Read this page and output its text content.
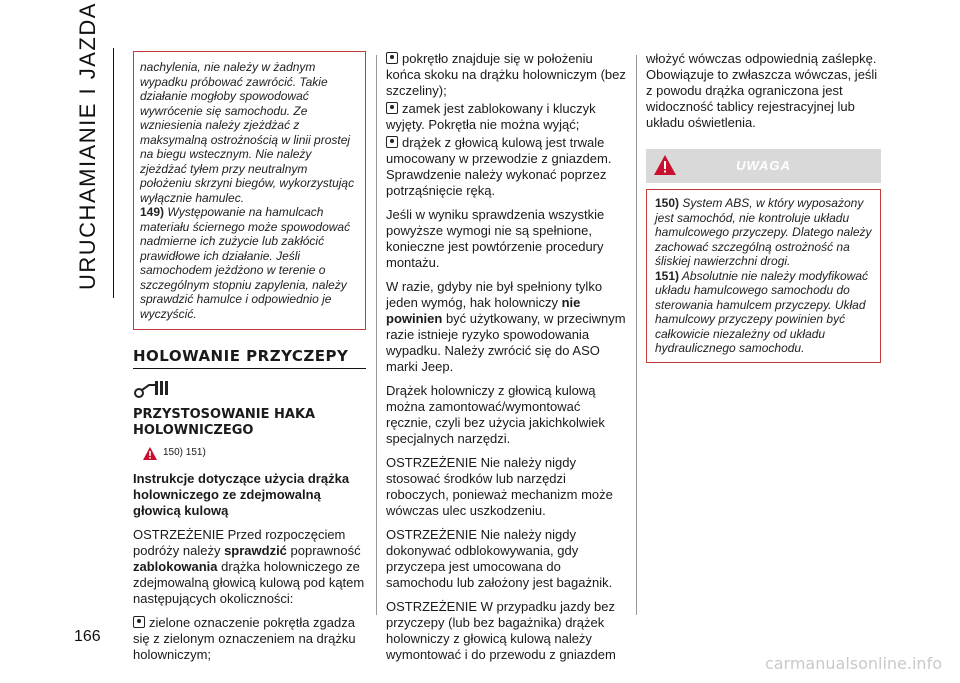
URUCHAMIANIE I JAZDA
166
nachylenia, nie należy w żadnym wypadku próbować zawrócić. Takie działanie mogłoby spowodować wywrócenie się samochodu. Ze wzniesienia należy zjeżdżać z maksymalną ostrożnością w linii prostej na biegu wstecznym. Nie należy zjeżdżać tyłem przy neutralnym położeniu skrzyni biegów, wykorzystując wyłącznie hamulec.
149) Występowanie na hamulcach materiału ściernego może spowodować nadmierne ich zużycie lub zakłócić prawidłowe ich działanie. Jeśli samochodem jeżdżono w terenie o szczególnym stopniu zapylenia, należy sprawdzić hamulce i odpowiednio je wyczyścić.
HOLOWANIE PRZYCZEPY
PRZYSTOSOWANIE HAKA HOLOWNICZEGO
150) 151)
Instrukcje dotyczące użycia drążka holowniczego ze zdejmowalną głowicą kulową

OSTRZEŻENIE Przed rozpoczęciem podróży należy sprawdzić poprawność zablokowania drążka holowniczego ze zdejmowalną głowicą kulową pod kątem następujących okoliczności:

zielone oznaczenie pokrętła zgadza się z zielonym oznaczeniem na drążku holowniczym;

pokrętło znajduje się w położeniu końca skoku na drążku holowniczym (bez szczeliny);

zamek jest zablokowany i kluczyk wyjęty. Pokrętła nie można wyjąć;

drążek z głowicą kulową jest trwale umocowany w przewodzie z gniazdem. Sprawdzenie należy wykonać poprzez potrząśnięcie ręką.

Jeśli w wyniku sprawdzenia wszystkie powyższe wymogi nie są spełnione, konieczne jest powtórzenie procedury montażu.

W razie, gdyby nie był spełniony tylko jeden wymóg, hak holowniczy nie powinien być użytkowany, w przeciwnym razie istnieje ryzyko spowodowania wypadku. Należy zwrócić się do ASO marki Jeep.

Drążek holowniczy z głowicą kulową można zamontować/wymontować ręcznie, czyli bez użycia jakichkolwiek specjalnych narzędzi.

OSTRZEŻENIE Nie należy nigdy stosować środków lub narzędzi roboczych, ponieważ mechanizm może wówczas ulec uszkodzeniu.

OSTRZEŻENIE Nie należy nigdy dokonywać odblokowywania, gdy przyczepa jest umocowana do samochodu lub założony jest bagażnik.

OSTRZEŻENIE W przypadku jazdy bez przyczepy (lub bez bagażnika) drążek holowniczy z głowicą kulową należy wymontować i do przewodu z gniazdem

włożyć wówczas odpowiednią zaślepkę. Obowiązuje to zwłaszcza wówczas, jeśli z powodu drążka ograniczona jest widoczność tablicy rejestracyjnej lub układu oświetlenia.

UWAGA
150) System ABS, w który wyposażony jest samochód, nie kontroluje układu hamulcowego przyczepy. Dlatego należy zachować szczególną ostrożność na śliskiej nawierzchni drogi.
151) Absolutnie nie należy modyfikować układu hamulcowego samochodu do sterowania hamulcem przyczepy. Układ hamulcowy przyczepy powinien być całkowicie niezależny od układu hydraulicznego samochodu.
carmanualsonline.info
